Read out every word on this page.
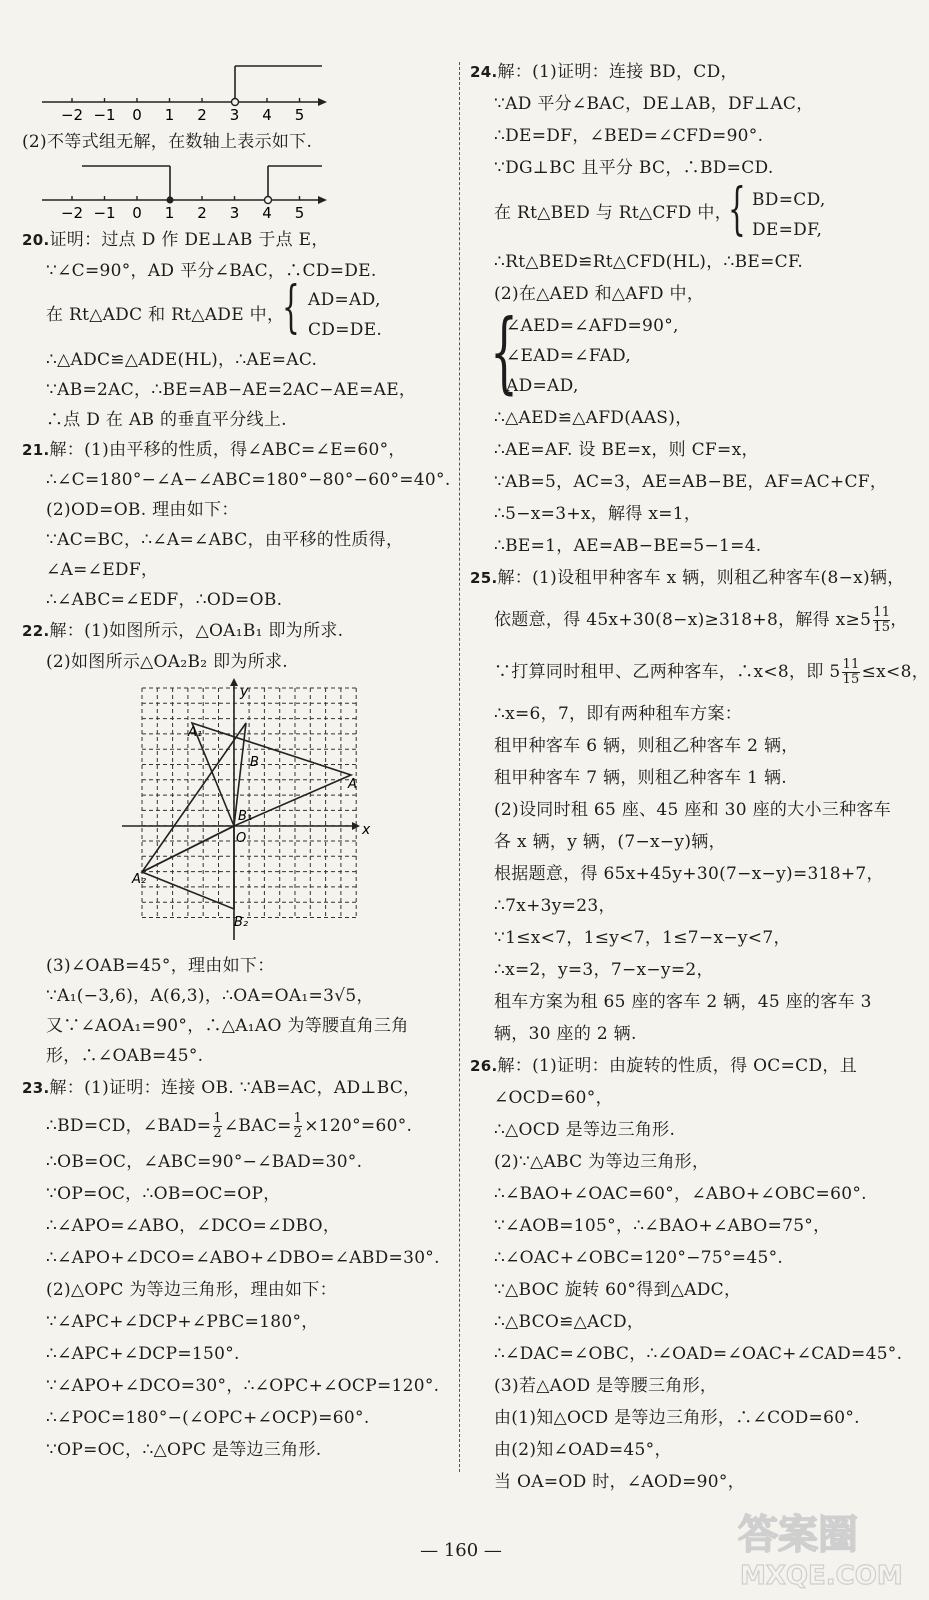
−2 −1 0 1 2 3 4 5
(2)不等式组无解，在数轴上表示如下.
−2 −1 0 1 2 3 4 5
20.证明：过点 D 作 DE⊥AB 于点 E，
∵∠C=90°，AD 平分∠BAC，∴CD=DE.
在 Rt△ADC 和 Rt△ADE 中，
{ AD=AD,
CD=DE.
∴△ADC≌△ADE(HL)，∴AE=AC.
∵AB=2AC，∴BE=AB−AE=2AC−AE=AE，
∴点 D 在 AB 的垂直平分线上.
21.解：(1)由平移的性质，得∠ABC=∠E=60°，
∴∠C=180°−∠A−∠ABC=180°−80°−60°=40°.
(2)OD=OB. 理由如下：
∵AC=BC，∴∠A=∠ABC，由平移的性质得，
∠A=∠EDF，
∴∠ABC=∠EDF，∴OD=OB.
22.解：(1)如图所示，△OA₁B₁ 即为所求.
(2)如图所示△OA₂B₂ 即为所求.
y
x
O
A₁
A
A₂
B
B₁
B₂
(3)∠OAB=45°，理由如下：
∵A₁(−3,6)，A(6,3)，∴OA=OA₁=3√5，
又∵∠AOA₁=90°，∴△A₁AO 为等腰直角三角
形，∴∠OAB=45°.
23.解：(1)证明：连接 OB. ∵AB=AC，AD⊥BC，
∴BD=CD，∠BAD= $\frac{1}{2}$ ∠BAC= $\frac{1}{2} \times 120^\circ=60^\circ$.
∴OB=OC，∠ABC=90°−∠BAD=30°.
∵OP=OC，∴OB=OC=OP，
∴∠APO=∠ABO，∠DCO=∠DBO，
∴∠APO+∠DCO=∠ABO+∠DBO=∠ABD=30°.
(2)△OPC 为等边三角形，理由如下：
∵∠APC+∠DCP+∠PBC=180°，
∴∠APC+∠DCP=150°.
∵∠APO+∠DCO=30°，∴∠OPC+∠OCP=120°.
∴∠POC=180°−(∠OPC+∠OCP)=60°.
∵OP=OC，∴△OPC 是等边三角形.
24.解：(1)证明：连接 BD，CD，
∵AD 平分∠BAC，DE⊥AB，DF⊥AC，
∴DE=DF，∠BED=∠CFD=90°.
∵DG⊥BC 且平分 BC，∴BD=CD.
在 Rt△BED 与 Rt△CFD 中，
{ BD=CD,
DE=DF,
∴Rt△BED≌Rt△CFD(HL)，∴BE=CF.
(2)在△AED 和△AFD 中，
{
∠AED=∠AFD=90°,
∠EAD=∠FAD,
AD=AD,
∴△AED≌△AFD(AAS)，
∴AE=AF. 设 BE=x，则 CF=x，
∵AB=5，AC=3，AE=AB−BE，AF=AC+CF，
∴5−x=3+x，解得 x=1，
∴BE=1，AE=AB−BE=5−1=4.
25.解：(1)设租甲种客车 x 辆，则租乙种客车(8−x)辆，
依题意，得 45x+30(8−x)≥318+8，解得 $x\ge 5 \frac{11}{15}$ ，
∵打算同时租甲、乙两种客车，∴x<8，即 $5 \frac{11}{15} \le x<8$，
∴x=6，7，即有两种租车方案：
租甲种客车 6 辆，则租乙种客车 2 辆，
租甲种客车 7 辆，则租乙种客车 1 辆.
(2)设同时租 65 座、45 座和 30 座的大小三种客车
各 x 辆，y 辆，(7−x−y)辆，
根据题意，得 65x+45y+30(7−x−y)=318+7，
∴7x+3y=23，
∵1≤x<7，1≤y<7，1≤7−x−y<7，
∴x=2，y=3，7−x−y=2，
租车方案为租 65 座的客车 2 辆，45 座的客车 3
辆，30 座的 2 辆.
26.解：(1)证明：由旋转的性质，得 OC=CD，且
∠OCD=60°，
∴△OCD 是等边三角形.
(2)∵△ABC 为等边三角形，
∴∠BAO+∠OAC=60°，∠ABO+∠OBC=60°.
∵∠AOB=105°，∴∠BAO+∠ABO=75°，
∴∠OAC+∠OBC=120°−75°=45°.
∵△BOC 旋转 60°得到△ADC，
∴△BCO≌△ACD，
∴∠DAC=∠OBC，∴∠OAD=∠OAC+∠CAD=45°.
(3)若△AOD 是等腰三角形，
由(1)知△OCD 是等边三角形，∴∠COD=60°.
由(2)知∠OAD=45°，
当 OA=OD 时，∠AOD=90°，
— 160 —	答案圈
MXQE.COM
